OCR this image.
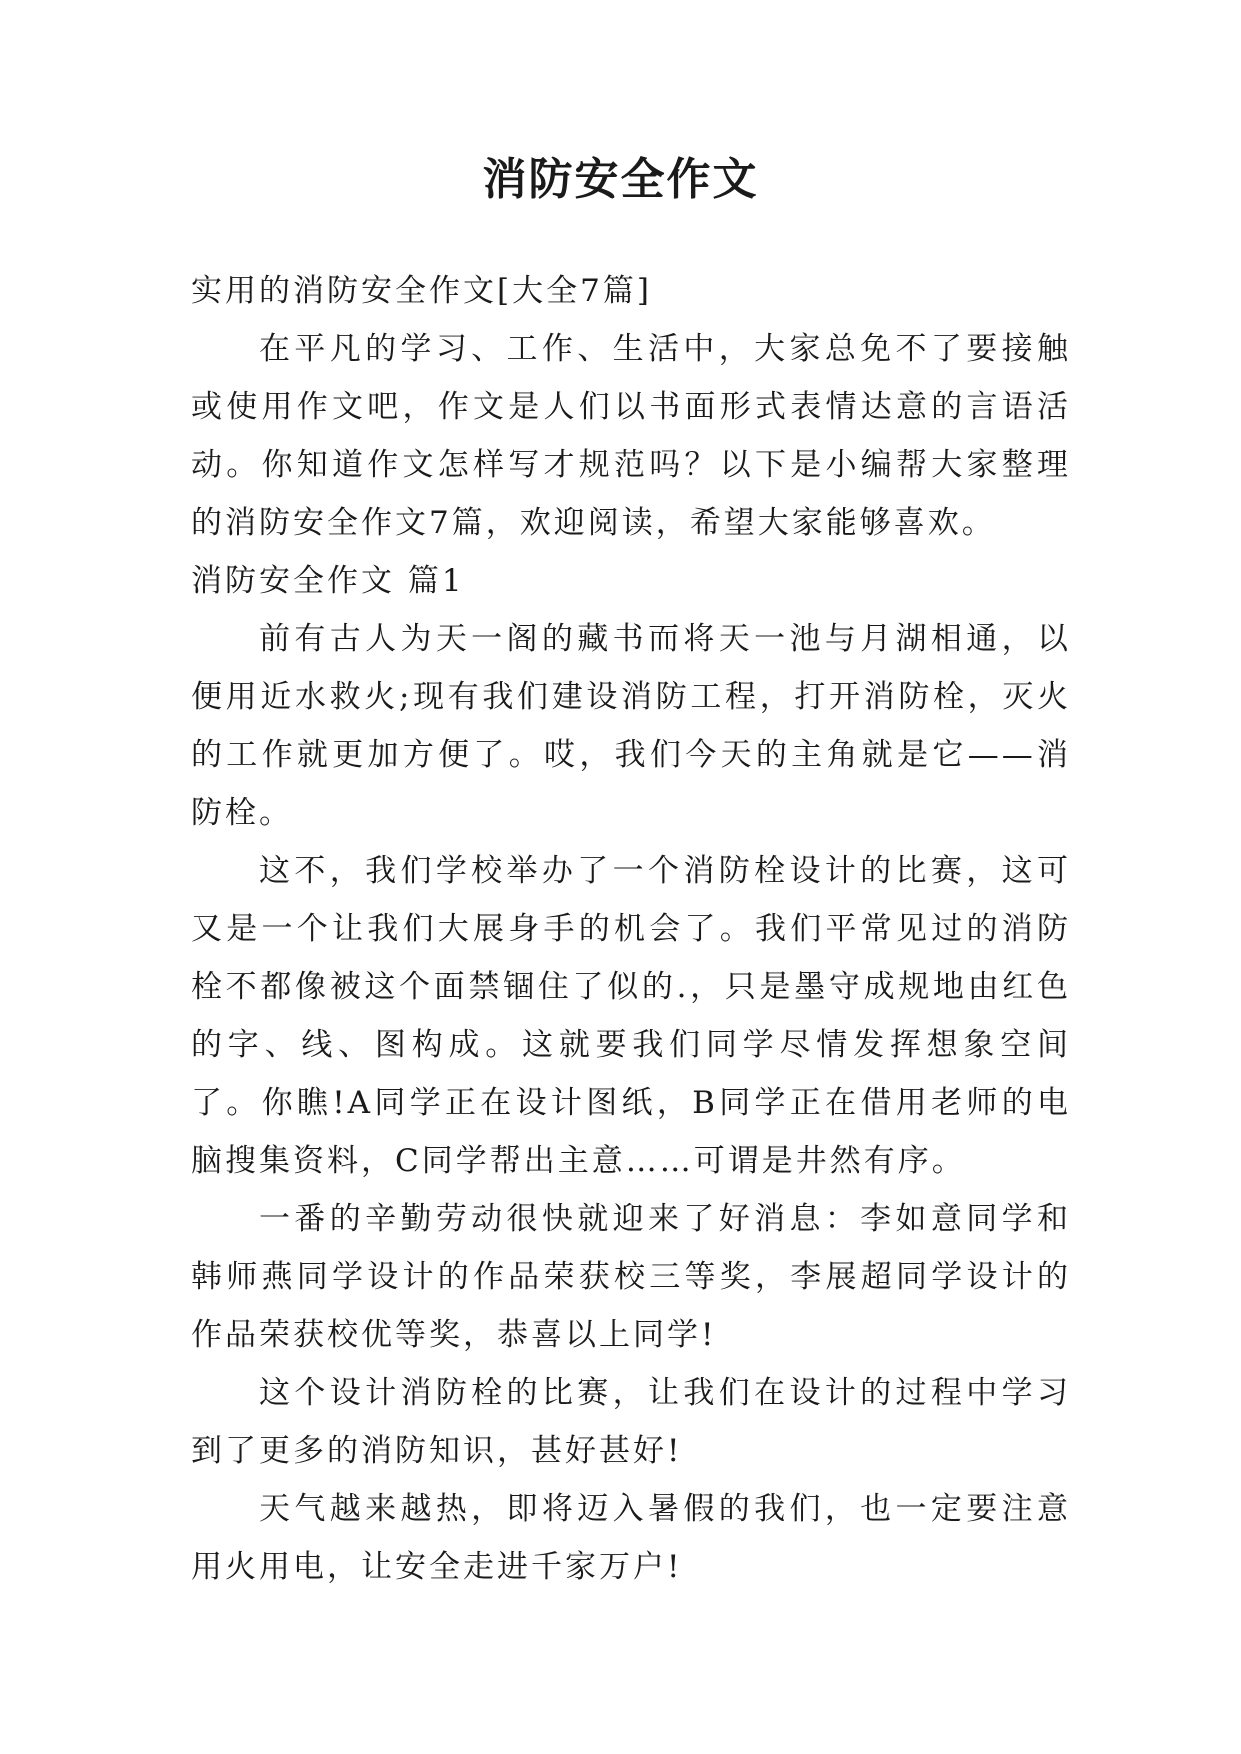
消防安全作文

实用的消防安全作文[大全7篇]

在平凡的学习、工作、生活中，大家总免不了要接触或使用作文吧，作文是人们以书面形式表情达意的言语活动。你知道作文怎样写才规范吗？以下是小编帮大家整理的消防安全作文7篇，欢迎阅读，希望大家能够喜欢。

消防安全作文 篇1

前有古人为天一阁的藏书而将天一池与月湖相通，以便用近水救火;现有我们建设消防工程，打开消防栓，灭火的工作就更加方便了。哎，我们今天的主角就是它——消防栓。

这不，我们学校举办了一个消防栓设计的比赛，这可又是一个让我们大展身手的机会了。我们平常见过的消防栓不都像被这个面禁锢住了似的.，只是墨守成规地由红色的字、线、图构成。这就要我们同学尽情发挥想象空间了。你瞧!A同学正在设计图纸，B同学正在借用老师的电脑搜集资料，C同学帮出主意……可谓是井然有序。

一番的辛勤劳动很快就迎来了好消息：李如意同学和韩师燕同学设计的作品荣获校三等奖，李展超同学设计的作品荣获校优等奖，恭喜以上同学!

这个设计消防栓的比赛，让我们在设计的过程中学习到了更多的消防知识，甚好甚好!

天气越来越热，即将迈入暑假的我们，也一定要注意用火用电，让安全走进千家万户!
